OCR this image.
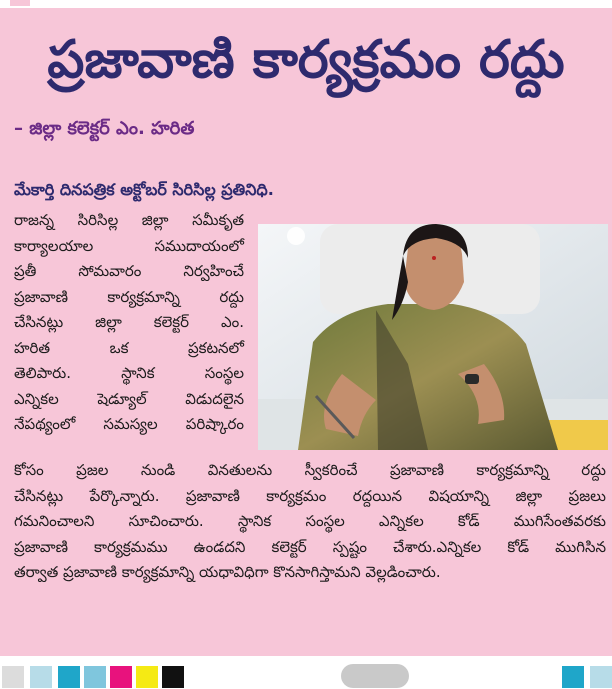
ప్రజావాణి కార్యక్రమం రద్దు
– జిల్లా కలెక్టర్ ఎం. హరిత
మేకార్తి దినపత్రిక అక్టోబర్ సిరిసిల్ల ప్రతినిధి.
రాజన్న సిరిసిల్ల జిల్లా సమీకృత
కార్యాలయాల సముదాయంలో
ప్రతీ సోమవారం నిర్వహించే
ప్రజావాణి కార్యక్రమాన్ని రద్దు
చేసినట్లు జిల్లా కలెక్టర్ ఎం.
హరిత ఒక ప్రకటనలో
తెలిపారు. స్థానిక సంస్థల
ఎన్నికల షెడ్యూల్ విడుదలైన
నేపథ్యంలో సమస్యల పరిష్కారం
కోసం ప్రజల నుండి వినతులను స్వీకరించే ప్రజావాణి కార్యక్రమాన్ని రద్దు
చేసినట్లు పేర్కొన్నారు. ప్రజావాణి కార్యక్రమం రద్దయిన విషయాన్ని జిల్లా ప్రజలు
గమనించాలని సూచించారు. స్థానిక సంస్థల ఎన్నికల కోడ్ ముగిసేంతవరకు
ప్రజావాణి కార్యక్రమము ఉండదని కలెక్టర్ స్పష్టం చేశారు.ఎన్నికల కోడ్ ముగిసిన
తర్వాత ప్రజావాణి కార్యక్రమాన్ని యధావిధిగా కొనసాగిస్తామని వెల్లడించారు.
